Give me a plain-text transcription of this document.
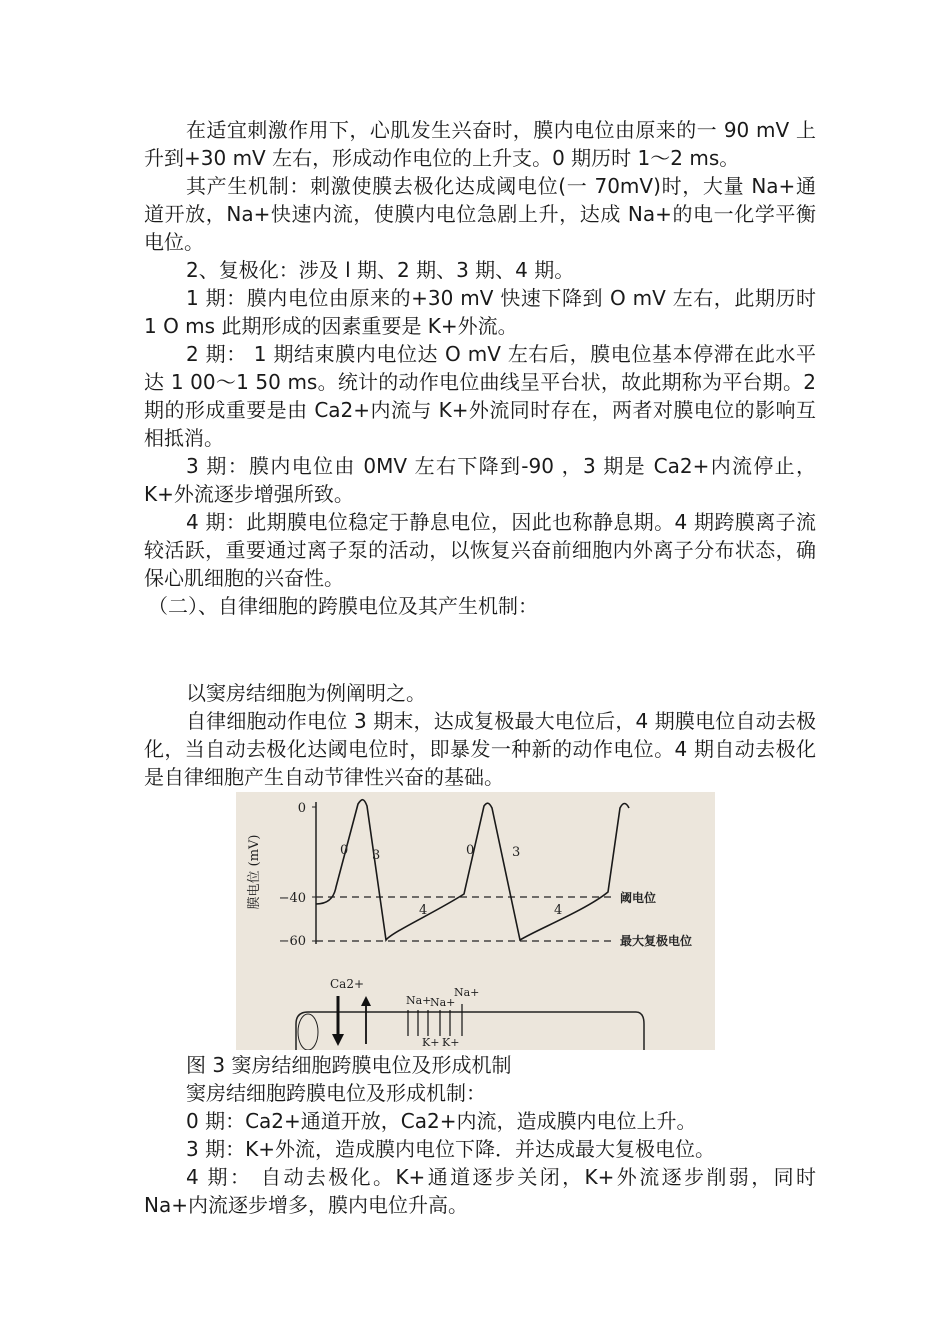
在适宜刺激作用下，心肌发生兴奋时，膜内电位由原来的一 90 mV 上升到+30 mV 左右，形成动作电位的上升支。0 期历时 1～2 ms。

其产生机制：刺激使膜去极化达成阈电位(一 70mV)时，大量 Na+通道开放，Na+快速内流，使膜内电位急剧上升，达成 Na+的电一化学平衡电位。

2、复极化：涉及 l 期、2 期、3 期、4 期。

1 期：膜内电位由原来的+30 mV 快速下降到 O mV 左右，此期历时 1 O ms 此期形成的因素重要是 K+外流。

2 期： 1 期结束膜内电位达 O mV 左右后，膜电位基本停滞在此水平达 1 00～1 50 ms。统计的动作电位曲线呈平台状，故此期称为平台期。2 期的形成重要是由 Ca2+内流与 K+外流同时存在，两者对膜电位的影响互相抵消。

3 期：膜内电位由 0MV 左右下降到-90 ，3 期是 Ca2+内流停止，K+外流逐步增强所致。

4 期：此期膜电位稳定于静息电位，因此也称静息期。4 期跨膜离子流较活跃，重要通过离子泵的活动，以恢复兴奋前细胞内外离子分布状态，确保心肌细胞的兴奋性。

（二）、自律细胞的跨膜电位及其产生机制：

以窦房结细胞为例阐明之。

自律细胞动作电位 3 期末，达成复极最大电位后，4 期膜电位自动去极化，当自动去极化达阈电位时，即暴发一种新的动作电位。4 期自动去极化是自律细胞产生自动节律性兴奋的基础。

膜电位 (mV)
0
−40
−60
阈电位
最大复极电位
0 3
4
0	3
4
Ca2+
Na+
Na+
Na+
K+ K+

图 3 窦房结细胞跨膜电位及形成机制

窦房结细胞跨膜电位及形成机制：

0 期：Ca2+通道开放，Ca2+内流，造成膜内电位上升。

3 期：K+外流，造成膜内电位下降．并达成最大复极电位。

4 期： 自动去极化。K+通道逐步关闭，K+外流逐步削弱，同时 Na+内流逐步增多，膜内电位升高。
